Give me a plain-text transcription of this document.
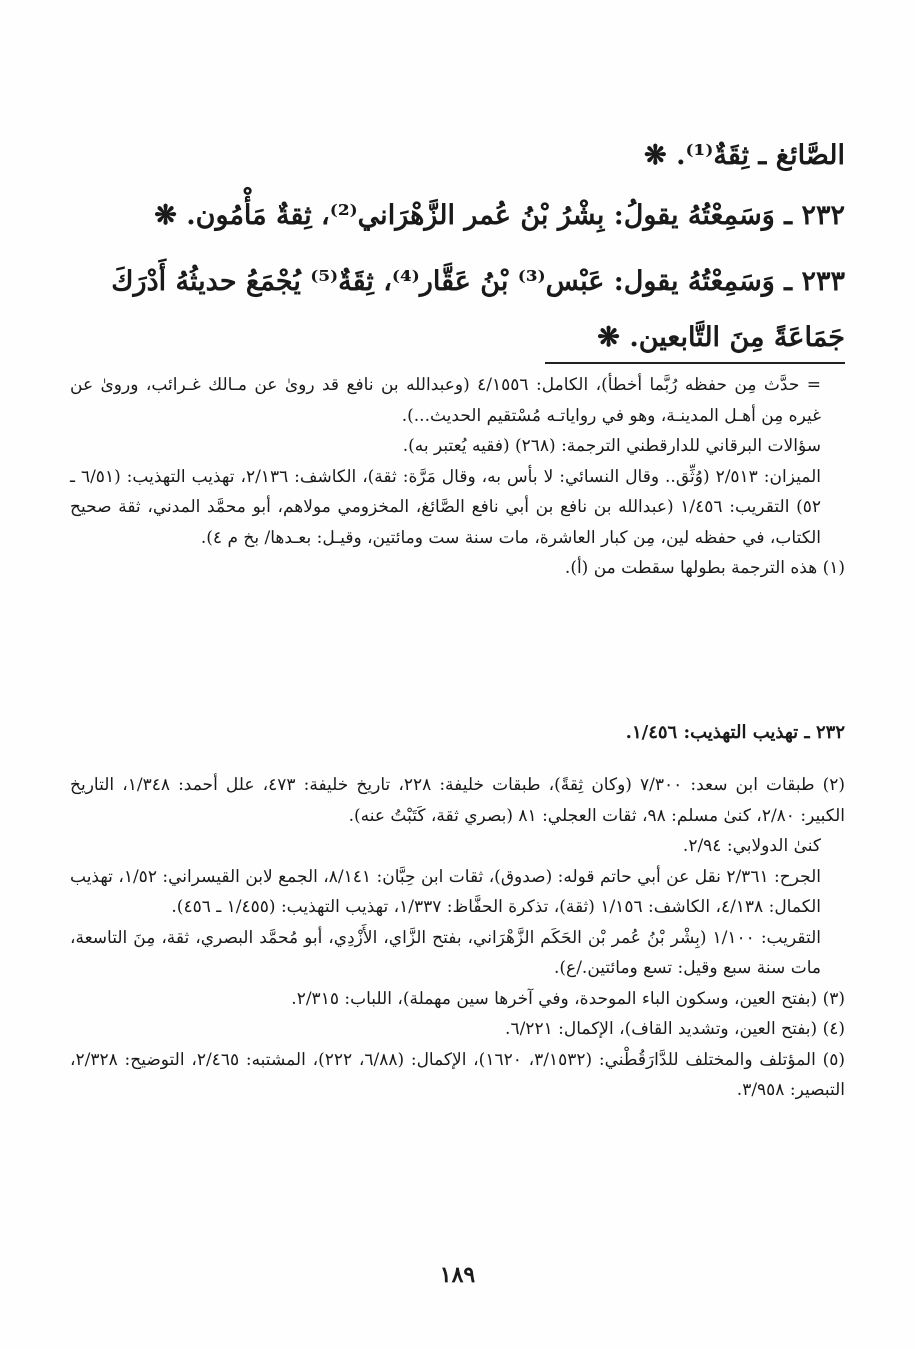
الصَّائغ ـ ثِقَةٌ⁽¹⁾. ❋

٢٣٢ ـ وَسَمِعْتُهُ يقولُ: بِشْرُ بْنُ عُمر الزَّهْرَاني⁽²⁾، ثِقةٌ مَأْمُون. ❋

٢٣٣ ـ وَسَمِعْتُهُ يقول: عَبْس⁽³⁾ بْنُ عَقَّار⁽⁴⁾، ثِقَةٌ⁽⁵⁾ يُجْمَعُ حديثُهُ أَدْرَكَ

جَمَاعَةً مِنَ التَّابعين. ❋

= حدَّث مِن حفظه رُبَّما أخطأ)، الكامل: ٤/١٥٥٦ (وعبدالله بن نافع قد روىٰ عن مـالك غـرائب، وروىٰ عن غيره مِن أهـل المدينـة، وهو في رواياتـه مُسْتقيم الحديث...).

سؤالات البرقاني للدارقطني الترجمة: (٢٦٨) (فقيه يُعتبر به).

الميزان: ٢/٥١٣ (وُثِّق.. وقال النسائي: لا بأس به، وقال مَرَّة: ثقة)، الكاشف: ٢/١٣٦، تهذيب التهذيب: (٦/٥١ ـ ٥٢) التقريب: ١/٤٥٦ (عبدالله بن نافع بن أبي نافع الصَّائغ، المخزومي مولاهم، أبو محمَّد المدني، ثقة صحيح الكتاب، في حفظه لين، مِن كبار العاشرة، مات سنة ست ومائتين، وقيـل: بعـدها/ بخ م ٤).

(١) هذه الترجمة بطولها سقطت من (أ).

٢٣٢ ـ تهذيب التهذيب: ١/٤٥٦.

(٢) طبقات ابن سعد: ٧/٣٠٠ (وكان ثِقةً)، طبقات خليفة: ٢٢٨، تاريخ خليفة: ٤٧٣، علل أحمد: ١/٣٤٨، التاريخ الكبير: ٢/٨٠، كنىٰ مسلم: ٩٨، ثقات العجلي: ٨١ (بصري ثقة، كَتَبْتُ عنه).

كنىٰ الدولابي: ٢/٩٤.

الجرح: ٢/٣٦١ نقل عن أبي حاتم قوله: (صدوق)، ثقات ابن حِبَّان: ٨/١٤١، الجمع لابن القيسراني: ١/٥٢، تهذيب الكمال: ٤/١٣٨، الكاشف: ١/١٥٦ (ثقة)، تذكرة الحفَّاظ: ١/٣٣٧، تهذيب التهذيب: (١/٤٥٥ ـ ٤٥٦).

التقريب: ١/١٠٠ (بِشْر بْنُ عُمر بْن الحَكَم الزَّهْرَاني، بفتح الزَّاي، الأَزْدِي، أبو مُحمَّد البصري، ثقة، مِنَ التاسعة، مات سنة سبع وقيل: تسع ومائتين./ع).

(٣) (بفتح العين، وسكون الباء الموحدة، وفي آخرها سين مهملة)، اللباب: ٢/٣١٥.

(٤) (بفتح العين، وتشديد القاف)، الإكمال: ٦/٢٢١.

(٥) المؤتلف والمختلف للدَّارَقُطْني: (٣/١٥٣٢، ١٦٢٠)، الإكمال: (٦/٨٨، ٢٢٢)، المشتبه: ٢/٤٦٥، التوضيح: ٢/٣٢٨، التبصير: ٣/٩٥٨.

١٨٩
